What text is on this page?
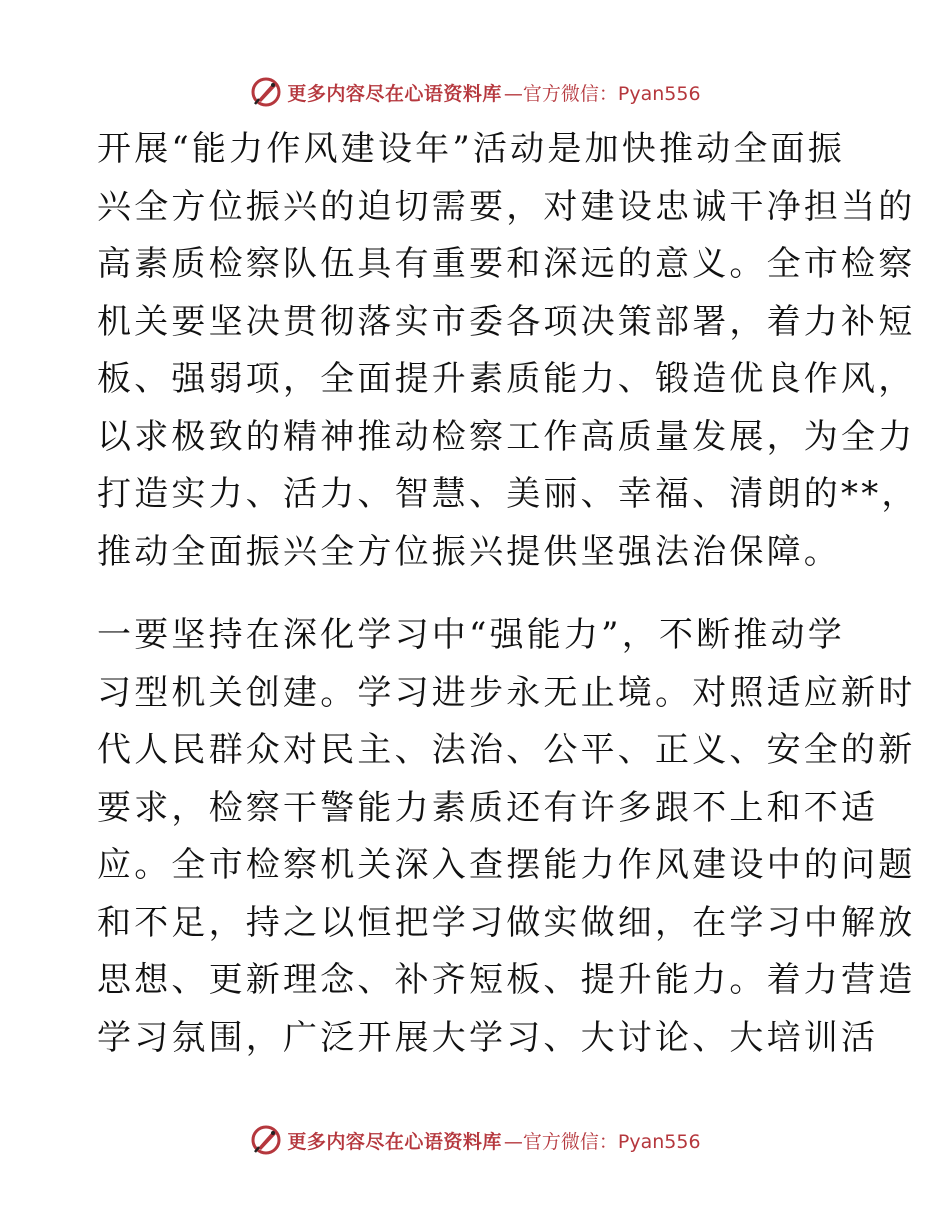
更多内容尽在心语资料库 —官方微信：Pyan556

开展“能力作风建设年”活动是加快推动全面振
兴全方位振兴的迫切需要，对建设忠诚干净担当的
高素质检察队伍具有重要和深远的意义。全市检察
机关要坚决贯彻落实市委各项决策部署，着力补短
板、强弱项，全面提升素质能力、锻造优良作风，
以求极致的精神推动检察工作高质量发展，为全力
打造实力、活力、智慧、美丽、幸福、清朗的**，
推动全面振兴全方位振兴提供坚强法治保障。

一要坚持在深化学习中“强能力”，不断推动学
习型机关创建。学习进步永无止境。对照适应新时
代人民群众对民主、法治、公平、正义、安全的新
要求，检察干警能力素质还有许多跟不上和不适
应。全市检察机关深入查摆能力作风建设中的问题
和不足，持之以恒把学习做实做细，在学习中解放
思想、更新理念、补齐短板、提升能力。着力营造
学习氛围，广泛开展大学习、大讨论、大培训活

更多内容尽在心语资料库 —官方微信：Pyan556
